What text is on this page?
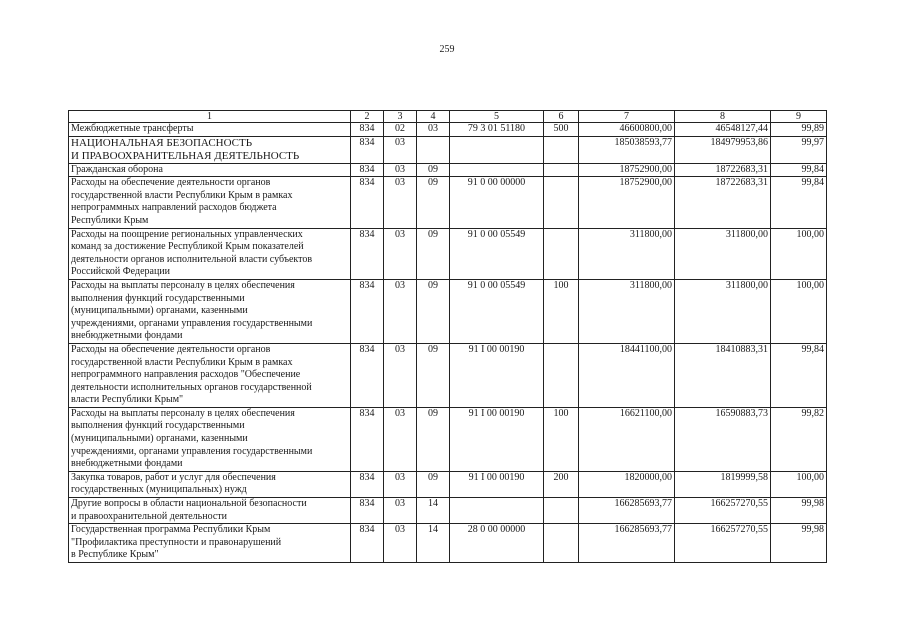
259
1	2	3	4	5	6	7	8	9

Межбюджетные трансферты	834	02	03	79 3 01 51180	500	46600800,00	46548127,44	99,89

НАЦИОНАЛЬНАЯ БЕЗОПАСНОСТЬ
И ПРАВООХРАНИТЕЛЬНАЯ ДЕЯТЕЛЬНОСТЬ	834	03				185038593,77	184979953,86	99,97

Гражданская оборона	834	03	09			18752900,00	18722683,31	99,84

Расходы на обеспечение деятельности органов
государственной власти Республики Крым в рамках
непрограммных направлений расходов бюджета
Республики Крым	834	03	09	91 0 00 00000		18752900,00	18722683,31	99,84

Расходы на поощрение региональных управленческих
команд за достижение Республикой Крым показателей
деятельности органов исполнительной власти субъектов
Российской Федерации	834	03	09	91 0 00 05549		311800,00	311800,00	100,00

Расходы на выплаты персоналу в целях обеспечения
выполнения функций государственными
(муниципальными) органами, казенными
учреждениями, органами управления государственными
внебюджетными фондами	834	03	09	91 0 00 05549	100	311800,00	311800,00	100,00

Расходы на обеспечение деятельности органов
государственной власти Республики Крым в рамках
непрограммного направления расходов "Обеспечение
деятельности исполнительных органов государственной
власти Республики Крым"	834	03	09	91 I 00 00190		18441100,00	18410883,31	99,84

Расходы на выплаты персоналу в целях обеспечения
выполнения функций государственными
(муниципальными) органами, казенными
учреждениями, органами управления государственными
внебюджетными фондами	834	03	09	91 I 00 00190	100	16621100,00	16590883,73	99,82

Закупка товаров, работ и услуг для обеспечения
государственных (муниципальных) нужд	834	03	09	91 I 00 00190	200	1820000,00	1819999,58	100,00

Другие вопросы в области национальной безопасности
и правоохранительной деятельности	834	03	14			166285693,77	166257270,55	99,98

Государственная программа Республики Крым
"Профилактика преступности и правонарушений
в Республике Крым"	834	03	14	28 0 00 00000		166285693,77	166257270,55	99,98
